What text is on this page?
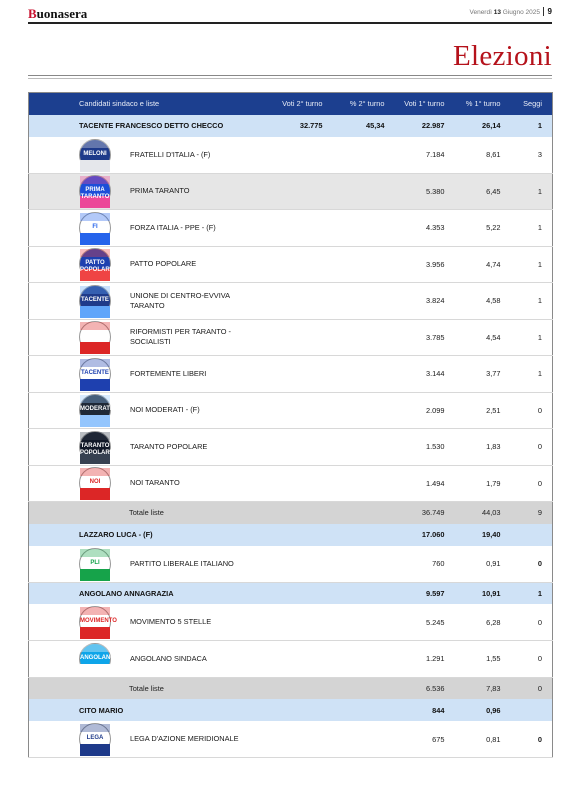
Buonasera	Venerdì 13 Giugno 2025 9
Elezioni
Candidati sindaco e liste	Voti 2° turno	% 2° turno	Voti 1° turno	% 1° turno	Seggi
TACENTE FRANCESCO DETTO CHECCO	32.775	45,34	22.987	26,14	1

MELONI FRATELLI D'ITALIA - (F)			7.184	8,61	3

PRIMA TARANTO
PRIMA TARANTO			5.380	6,45	1

FI FORZA ITALIA - PPE - (F)			4.353	5,22	1

PATTO POPOLARE
PATTO POPOLARE			3.956	4,74	1

TACENTE UNIONE DI CENTRO-EVVIVA TARANTO			3.824	4,58	1

RIFORMISTI PER TARANTO - SOCIALISTI			3.785	4,54	1

TACENTE FORTEMENTE LIBERI			3.144	3,77	1

MODERATI NOI MODERATI - (F)			2.099	2,51	0

TARANTO POPOLARE
TARANTO POPOLARE			1.530	1,83	0

NOI NOI TARANTO			1.494	1,79	0
Totale liste			36.749	44,03	9
LAZZARO LUCA - (F)			17.060	19,40	

PLI PARTITO LIBERALE ITALIANO			760	0,91	0
ANGOLANO ANNAGRAZIA			9.597	10,91	1

MOVIMENTO MOVIMENTO 5 STELLE			5.245	6,28	0

ANGOLANO ANGOLANO SINDACA			1.291	1,55	0
Totale liste			6.536	7,83	0
CITO MARIO			844	0,96	

LEGA LEGA D'AZIONE MERIDIONALE			675	0,81	0
